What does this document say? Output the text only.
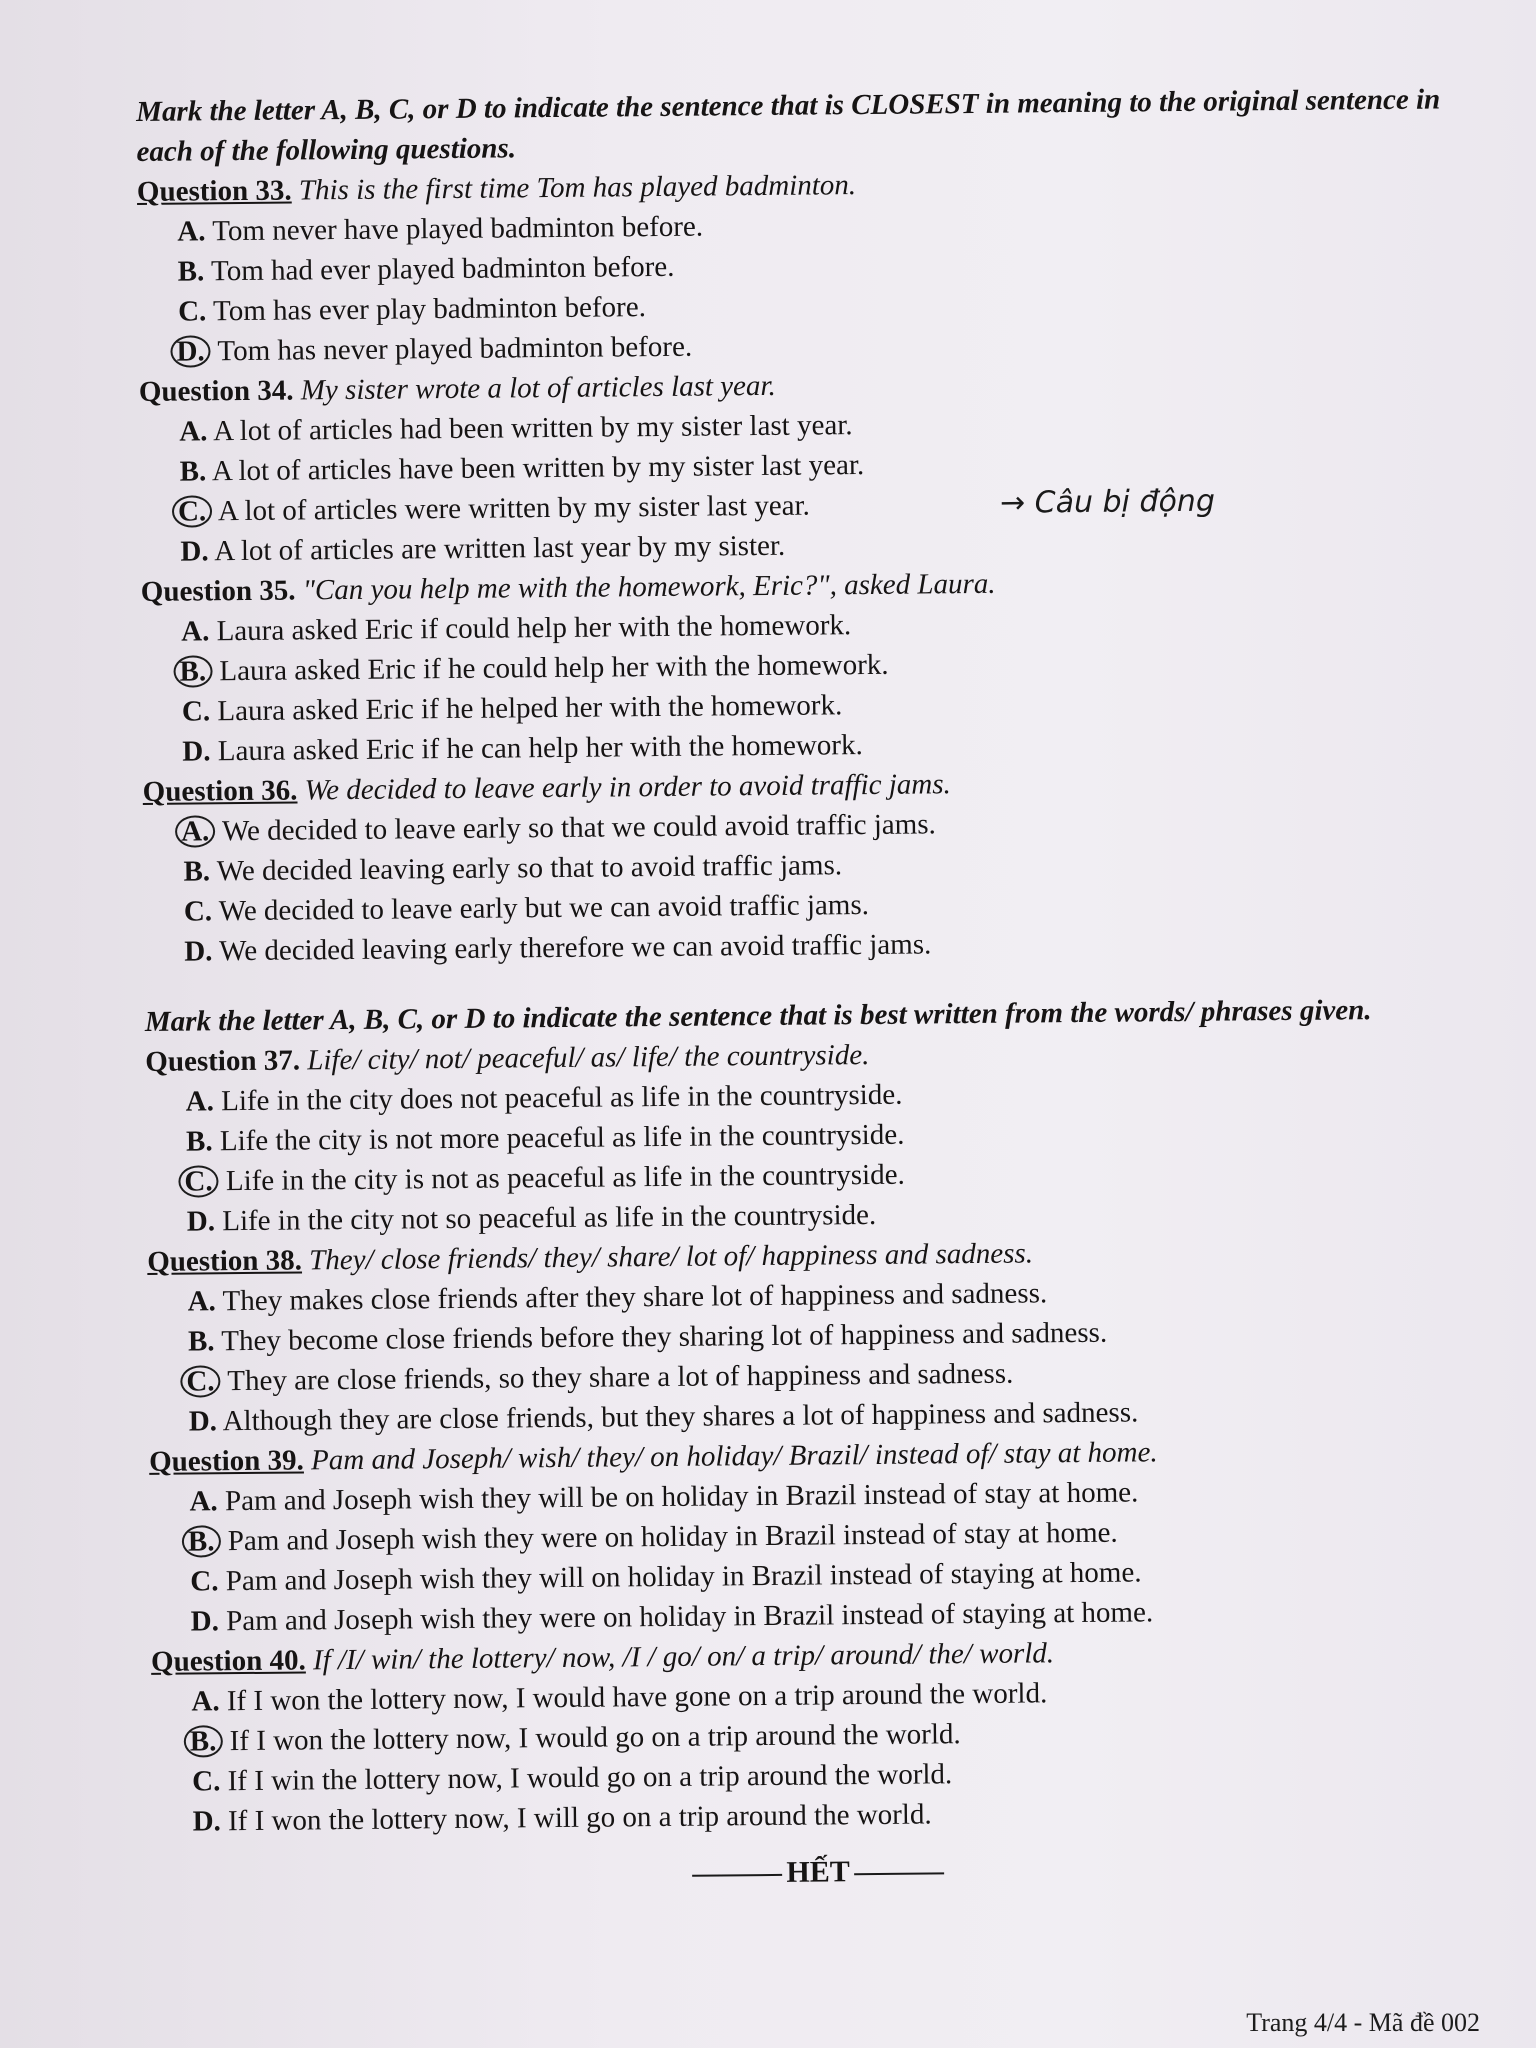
Mark the letter A, B, C, or D to indicate the sentence that is CLOSEST in meaning to the original sentence in each of the following questions.

Question 33. This is the first time Tom has played badminton.

A. Tom never have played badminton before.

B. Tom had ever played badminton before.

C. Tom has ever play badminton before.

D. Tom has never played badminton before.

Question 34. My sister wrote a lot of articles last year.

A. A lot of articles had been written by my sister last year.

B. A lot of articles have been written by my sister last year.

C. A lot of articles were written by my sister last year.	→ Câu bị động

D. A lot of articles are written last year by my sister.

Question 35. "Can you help me with the homework, Eric?", asked Laura.

A. Laura asked Eric if could help her with the homework.

B. Laura asked Eric if he could help her with the homework.

C. Laura asked Eric if he helped her with the homework.

D. Laura asked Eric if he can help her with the homework.

Question 36. We decided to leave early in order to avoid traffic jams.

A. We decided to leave early so that we could avoid traffic jams.

B. We decided leaving early so that to avoid traffic jams.

C. We decided to leave early but we can avoid traffic jams.

D. We decided leaving early therefore we can avoid traffic jams.

Mark the letter A, B, C, or D to indicate the sentence that is best written from the words/ phrases given.

Question 37. Life/ city/ not/ peaceful/ as/ life/ the countryside.

A. Life in the city does not peaceful as life in the countryside.

B. Life the city is not more peaceful as life in the countryside.

C. Life in the city is not as peaceful as life in the countryside.

D. Life in the city not so peaceful as life in the countryside.

Question 38. They/ close friends/ they/ share/ lot of/ happiness and sadness.

A. They makes close friends after they share lot of happiness and sadness.

B. They become close friends before they sharing lot of happiness and sadness.

C. They are close friends, so they share a lot of happiness and sadness.

D. Although they are close friends, but they shares a lot of happiness and sadness.

Question 39. Pam and Joseph/ wish/ they/ on holiday/ Brazil/ instead of/ stay at home.

A. Pam and Joseph wish they will be on holiday in Brazil instead of stay at home.

B. Pam and Joseph wish they were on holiday in Brazil instead of stay at home.

C. Pam and Joseph wish they will on holiday in Brazil instead of staying at home.

D. Pam and Joseph wish they were on holiday in Brazil instead of staying at home.

Question 40. If /I/ win/ the lottery/ now, /I / go/ on/ a trip/ around/ the/ world.

A. If I won the lottery now, I would have gone on a trip around the world.

B. If I won the lottery now, I would go on a trip around the world.

C. If I win the lottery now, I would go on a trip around the world.

D. If I won the lottery now, I will go on a trip around the world.

HẾT
Trang 4/4 - Mã đề 002
